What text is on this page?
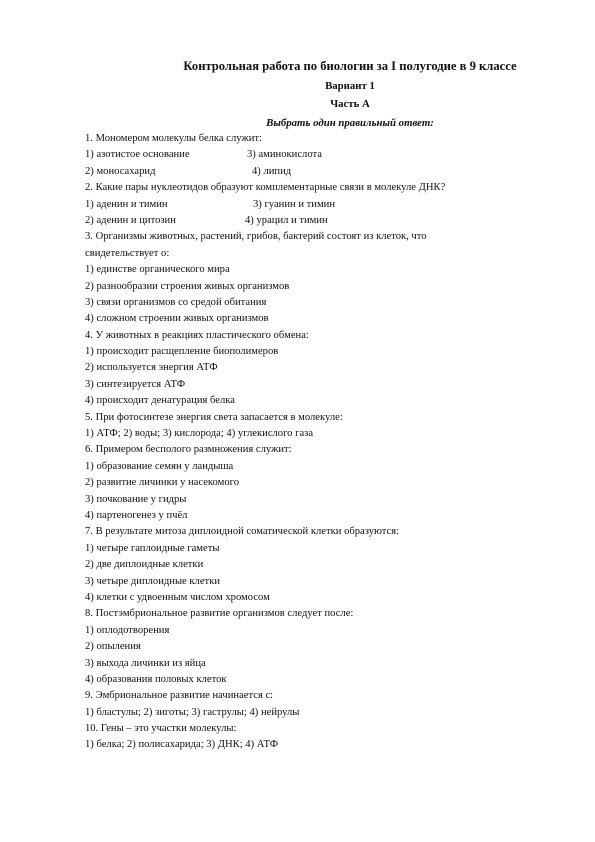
Контрольная работа по биологии за I полугодие в 9 классе
Вариант 1
Часть А
Выбрать один правильный ответ:
1. Мономером молекулы белка служит:
1) азотистое основание	3) аминокислота
2) моносахарид	4) липид
2. Какие пары нуклеотидов образуют комплементарные связи в молекуле ДНК?
1) аденин и тимин	3) гуанин и тимин
2) аденин и цитозин	4) урацил и тимин
3. Организмы животных, растений, грибов, бактерий состоят из клеток, что
свидетельствует о:
1) единстве органического мира
2) разнообразии строения живых организмов
3) связи организмов со средой обитания
4) сложном строении живых организмов
4. У животных в реакциях пластического обмена:
1) происходит расщепление биополимеров
2) используется энергия АТФ
3) синтезируется АТФ
4) происходит денатурация белка
5. При фотосинтезе энергия света запасается в молекуле:
1) АТФ; 2) воды; 3) кислорода; 4) углекислого газа
6. Примером бесполого размножения служит:
1) образование семян у ландыша
2) развитие личинки у насекомого
3) почкование у гидры
4) партеногенез у пчёл
7. В результате митоза диплоидной соматической клетки образуются:
1) четыре гаплоидные гаметы
2) две диплоидные клетки
3) четыре диплоидные клетки
4) клетки с удвоенным числом хромосом
8. Постэмбриональное развитие организмов следует после:
1) оплодотворения
2) опыления
3) выхода личинки из яйца
4) образования половых клеток
9. Эмбриональное развитие начинается с:
1) бластулы; 2) зиготы; 3) гаструлы; 4) нейрулы
10. Гены – это участки молекулы:
1) белка; 2) полисахарида; 3) ДНК; 4) АТФ
